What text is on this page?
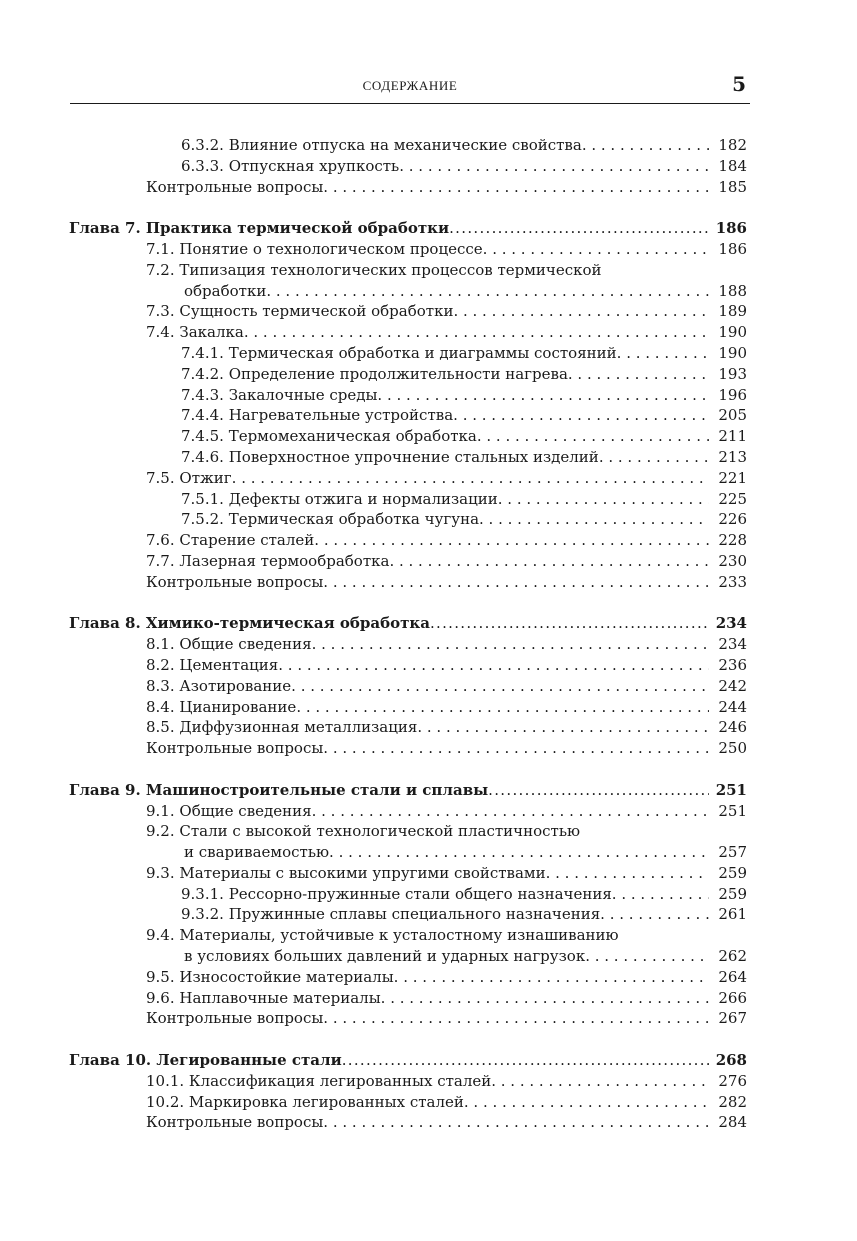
СОДЕРЖАНИЕ	5
6.3.2. Влияние отпуска на механические свойства . . .	182
6.3.3. Отпускная хрупкость . . .	184
Контрольные вопросы . . .	185
Глава 7. Практика термической обработки .....	186
7.1. Понятие о технологическом процессе . . .	186
7.2. Типизация технологических процессов термической
обработки . . .	188
7.3. Сущность термической обработки . . .	189
7.4. Закалка . . .	190
7.4.1. Термическая обработка и диаграммы состояний . . .	190
7.4.2. Определение продолжительности нагрева . . .	193
7.4.3. Закалочные среды . . .	196
7.4.4. Нагревательные устройства . . .	205
7.4.5. Термомеханическая обработка . . .	211
7.4.6. Поверхностное упрочнение стальных изделий . . .	213
7.5. Отжиг . . .	221
7.5.1. Дефекты отжига и нормализации . . .	225
7.5.2. Термическая обработка чугуна . . .	226
7.6. Старение сталей . . .	228
7.7. Лазерная термообработка . . .	230
Контрольные вопросы . . .	233
Глава 8. Химико-термическая обработка .....	234
8.1. Общие сведения . . .	234
8.2. Цементация . . .	236
8.3. Азотирование . . .	242
8.4. Цианирование . . .	244
8.5. Диффузионная металлизация . . .	246
Контрольные вопросы . . .	250
Глава 9. Машиностроительные стали и сплавы .....	251
9.1. Общие сведения . . .	251
9.2. Стали с высокой технологической пластичностью
и свариваемостью . . .	257
9.3. Материалы с высокими упругими свойствами . . .	259
9.3.1. Рессорно-пружинные стали общего назначения . . .	259
9.3.2. Пружинные сплавы специального назначения . . .	261
9.4. Материалы, устойчивые к усталостному изнашиванию
в условиях больших давлений и ударных нагрузок . . .	262
9.5. Износостойкие материалы . . .	264
9.6. Наплавочные материалы . . .	266
Контрольные вопросы . . .	267
Глава 10. Легированные стали .....	268
10.1. Классификация легированных сталей . . .	276
10.2. Маркировка легированных сталей . . .	282
Контрольные вопросы . . .	284
